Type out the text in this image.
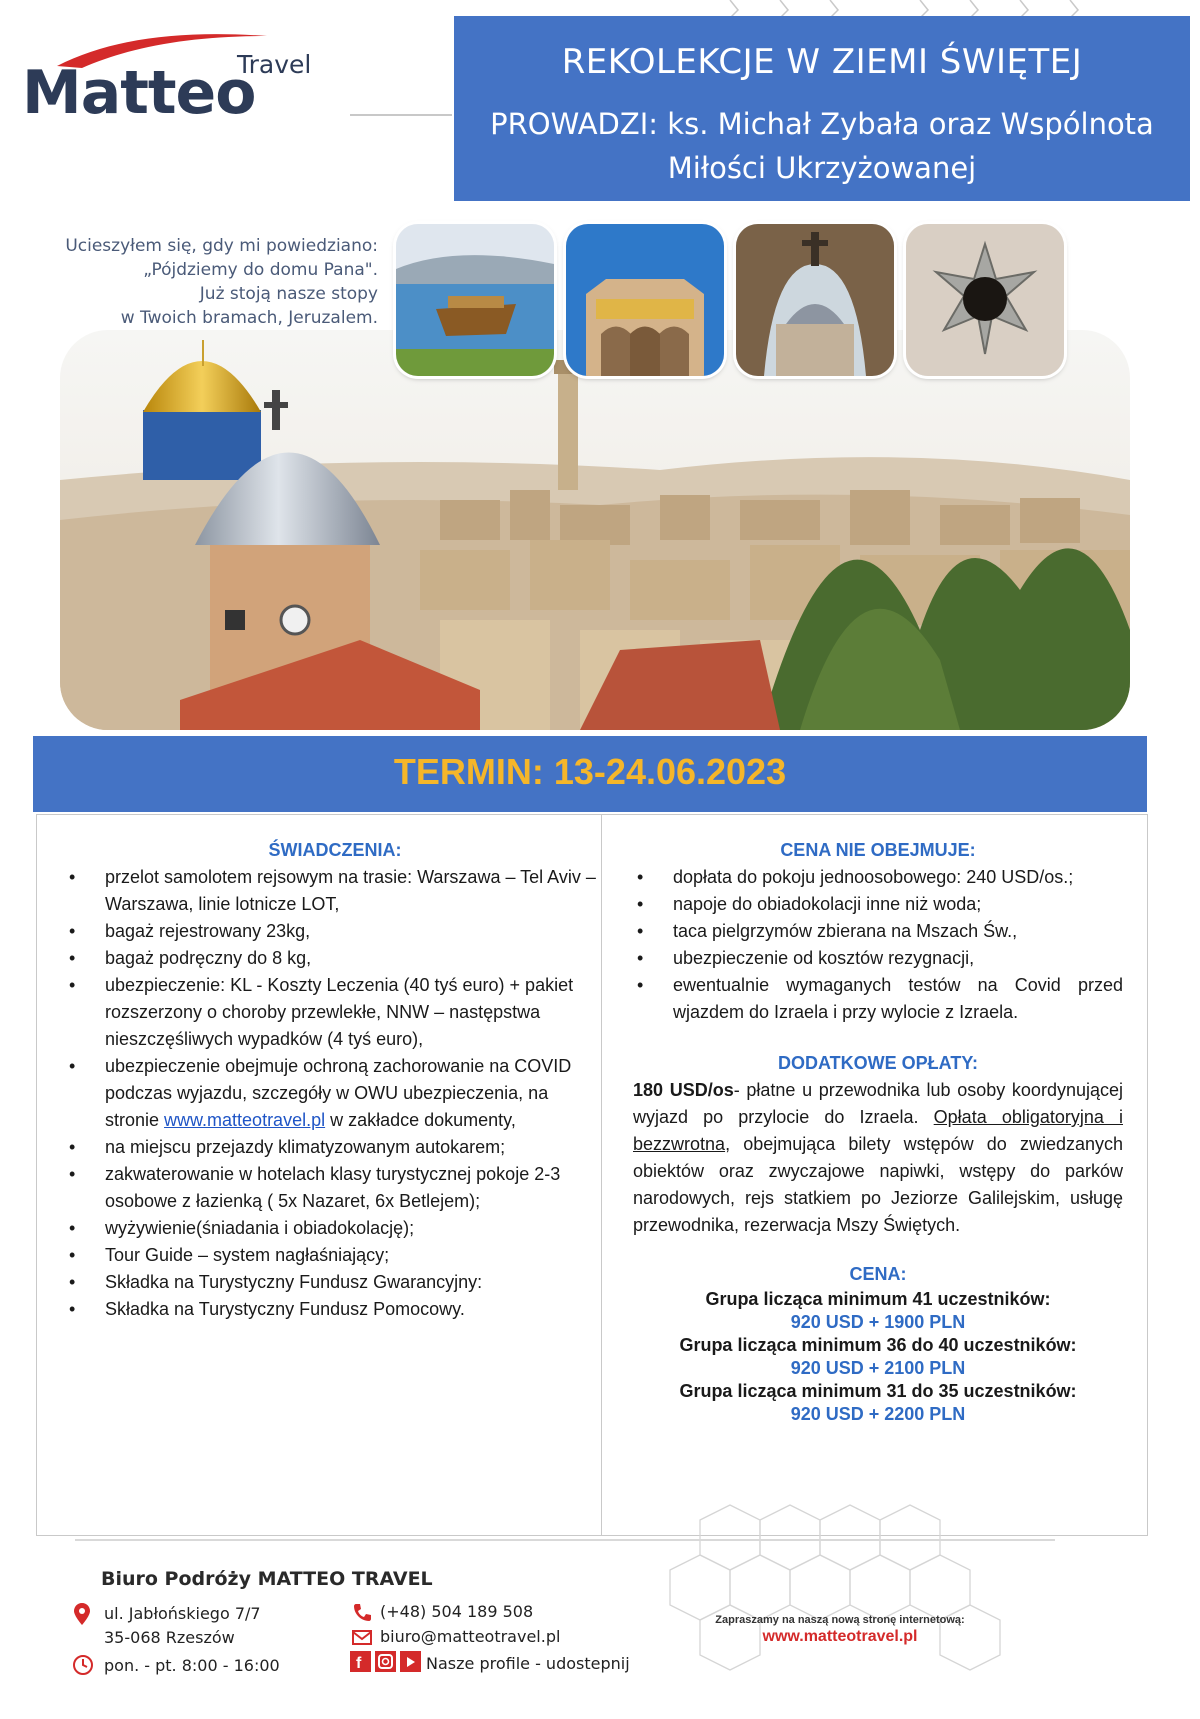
Matteo
Travel	REKOLEKCJE W ZIEMI ŚWIĘTEJ
PROWADZI: ks. Michał Zybała oraz Wspólnota
Miłości Ukrzyżowanej
Ucieszyłem się, gdy mi powiedziano:
„Pójdziemy do domu Pana".
Już stoją nasze stopy
w Twoich bramach, Jeruzalem.
TERMIN: 13-24.06.2023
ŚWIADCZENIA:
• przelot samolotem rejsowym na trasie: Warszawa – Tel Aviv – Warszawa, linie lotnicze LOT,
• bagaż rejestrowany 23kg,
• bagaż podręczny do 8 kg,
• ubezpieczenie: KL - Koszty Leczenia (40 tyś euro) + pakiet rozszerzony o choroby przewlekłe, NNW – następstwa nieszczęśliwych wypadków (4 tyś euro),
• ubezpieczenie obejmuje ochroną zachorowanie na COVID podczas wyjazdu, szczegóły w OWU ubezpieczenia, na stronie www.matteotravel.pl w zakładce dokumenty,
• na miejscu przejazdy klimatyzowanym autokarem;
• zakwaterowanie w hotelach klasy turystycznej pokoje 2-3 osobowe z łazienką ( 5x Nazaret, 6x Betlejem);
• wyżywienie(śniadania i obiadokolację);
• Tour Guide – system nagłaśniający;
• Składka na Turystyczny Fundusz Gwarancyjny:
• Składka na Turystyczny Fundusz Pomocowy.
CENA NIE OBEJMUJE:
• dopłata do pokoju jednoosobowego: 240 USD/os.;
• napoje do obiadokolacji inne niż woda;
• taca pielgrzymów zbierana na Mszach Św.,
• ubezpieczenie od kosztów rezygnacji,
• ewentualnie wymaganych testów na Covid przed wjazdem do Izraela i przy wylocie z Izraela.
DODATKOWE OPŁATY:
180 USD/os- płatne u przewodnika lub osoby koordynującej wyjazd po przylocie do Izraela. Opłata obligatoryjna i bezzwrotna, obejmująca bilety wstępów do zwiedzanych obiektów oraz zwyczajowe napiwki, wstępy do parków narodowych, rejs statkiem po Jeziorze Galilejskim, usługę przewodnika, rezerwacja Mszy Świętych.
CENA:
Grupa licząca minimum 41 uczestników:
920 USD + 1900 PLN
Grupa licząca minimum 36 do 40 uczestników:
920 USD + 2100 PLN
Grupa licząca minimum 31 do 35 uczestników:
920 USD + 2200 PLN
Biuro Podróży MATTEO TRAVEL
ul. Jabłońskiego 7/7
35-068 Rzeszów
pon. - pt. 8:00 - 16:00
(+48) 504 189 508
biuro@matteotravel.pl
f	Nasze profile - udostepnij
Zapraszamy na naszą nową stronę internetową:
www.matteotravel.pl
